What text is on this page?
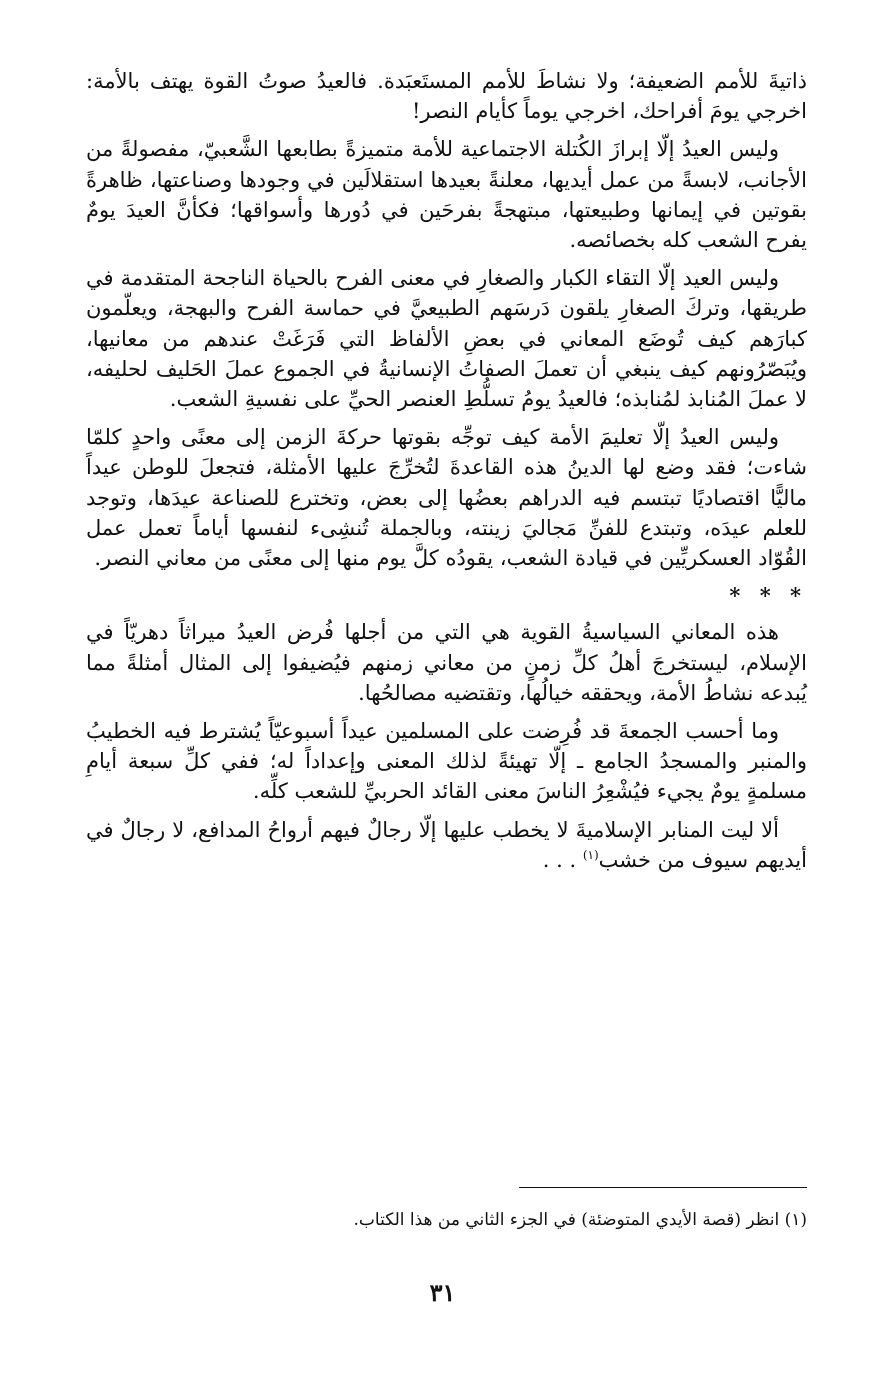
ذاتيةَ للأمم الضعيفة؛ ولا نشاطَ للأمم المستَعبَدة. فالعيدُ صوتُ القوة يهتف بالأمة: اخرجي يومَ أفراحك، اخرجي يوماً كأيام النصر!

وليس العيدُ إلّا إبرازَ الكُتلة الاجتماعية للأمة متميزةً بطابعها الشَّعبيّ، مفصولةً من الأجانب، لابسةً من عمل أيديها، معلنةً بعيدها استقلالَين في وجودها وصناعتها، ظاهرةً بقوتين في إيمانها وطبيعتها، مبتهجةً بفرحَين في دُورها وأسواقها؛ فكأنَّ العيدَ يومٌ يفرح الشعب كله بخصائصه.

وليس العيد إلّا التقاء الكبار والصغارِ في معنى الفرح بالحياة الناجحة المتقدمة في طريقها، وتركَ الصغارِ يلقون دَرسَهم الطبيعيَّ في حماسة الفرح والبهجة، ويعلّمون كبارَهم كيف تُوضَع المعاني في بعضِ الألفاظ التي فَرَغَتْ عندهم من معانيها، ويُبَصّرُونهم كيف ينبغي أن تعملَ الصفاتُ الإنسانيةُ في الجموع عملَ الحَليف لحليفه، لا عملَ المُنابذ لمُنابذه؛ فالعيدُ يومُ تسلُّطِ العنصر الحيِّ على نفسيةِ الشعب.

وليس العيدُ إلّا تعليمَ الأمة كيف توجِّه بقوتها حركةَ الزمن إلى معنًى واحدٍ كلمّا شاءت؛ فقد وضع لها الدينُ هذه القاعدةَ لتُخرِّجَ عليها الأمثلة، فتجعلَ للوطن عيداً ماليًّا اقتصاديًا تبتسم فيه الدراهم بعضُها إلى بعض، وتخترع للصناعة عيدَها، وتوجد للعلم عيدَه، وتبتدع للفنِّ مَجاليَ زينته، وبالجملة تُنشِىء لنفسها أياماً تعمل عمل القُوّاد العسكريِّين في قيادة الشعب، يقودُه كلَّ يوم منها إلى معنًى من معاني النصر.

* * *

هذه المعاني السياسيةُ القوية هي التي من أجلها فُرض العيدُ ميراثاً دهريّاً في الإسلام، ليستخرجَ أهلُ كلِّ زمنٍ من معاني زمنهم فيُضيفوا إلى المثال أمثلةً مما يُبدعه نشاطُ الأمة، ويحققه خيالُها، وتقتضيه مصالحُها.

وما أحسب الجمعةَ قد فُرِضت على المسلمين عيداً أسبوعيّاً يُشترط فيه الخطيبُ والمنبر والمسجدُ الجامع ـ إلّا تهيئةً لذلك المعنى وإعداداً له؛ ففي كلِّ سبعة أيامِ مسلمةٍ يومٌ يجيء فيُشْعِرُ الناسَ معنى القائد الحربيِّ للشعب كلِّه.

ألا ليت المنابر الإسلاميةَ لا يخطب عليها إلّا رجالٌ فيهم أرواحُ المدافع، لا رجالٌ في أيديهم سيوف من خشب$^{(١)}$ . . .

(١) انظر (قصة الأيدي المتوضئة) في الجزء الثاني من هذا الكتاب.
٣١
